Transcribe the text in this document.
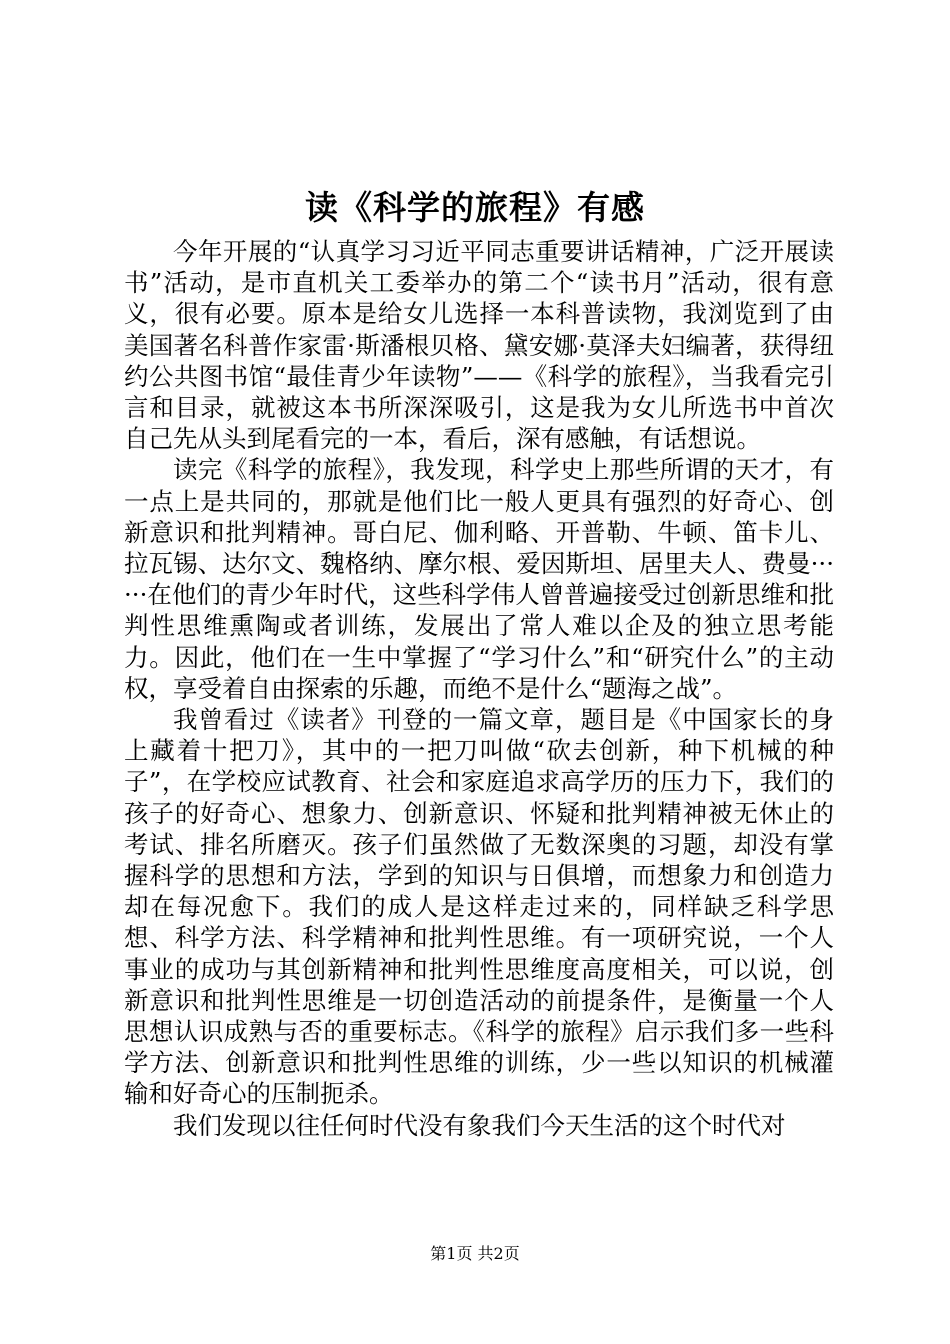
读《科学的旅程》有感

今年开展的“认真学习习近平同志重要讲话精神，广泛开展读书”活动，是市直机关工委举办的第二个“读书月”活动，很有意义，很有必要。原本是给女儿选择一本科普读物，我浏览到了由美国著名科普作家雷·斯潘根贝格、黛安娜·莫泽夫妇编著，获得纽约公共图书馆“最佳青少年读物”——《科学的旅程》，当我看完引言和目录，就被这本书所深深吸引，这是我为女儿所选书中首次自己先从头到尾看完的一本，看后，深有感触，有话想说。

读完《科学的旅程》，我发现，科学史上那些所谓的天才，有一点上是共同的，那就是他们比一般人更具有强烈的好奇心、创新意识和批判精神。哥白尼、伽利略、开普勒、牛顿、笛卡儿、拉瓦锡、达尔文、魏格纳、摩尔根、爱因斯坦、居里夫人、费曼······在他们的青少年时代，这些科学伟人曾普遍接受过创新思维和批判性思维熏陶或者训练，发展出了常人难以企及的独立思考能力。因此，他们在一生中掌握了“学习什么”和“研究什么”的主动权，享受着自由探索的乐趣，而绝不是什么“题海之战”。

我曾看过《读者》刊登的一篇文章，题目是《中国家长的身上藏着十把刀》，其中的一把刀叫做“砍去创新，种下机械的种子”，在学校应试教育、社会和家庭追求高学历的压力下，我们的孩子的好奇心、想象力、创新意识、怀疑和批判精神被无休止的考试、排名所磨灭。孩子们虽然做了无数深奥的习题，却没有掌握科学的思想和方法，学到的知识与日俱增，而想象力和创造力却在每况愈下。我们的成人是这样走过来的，同样缺乏科学思想、科学方法、科学精神和批判性思维。有一项研究说，一个人事业的成功与其创新精神和批判性思维度高度相关，可以说，创新意识和批判性思维是一切创造活动的前提条件，是衡量一个人思想认识成熟与否的重要标志。《科学的旅程》启示我们多一些科学方法、创新意识和批判性思维的训练，少一些以知识的机械灌输和好奇心的压制扼杀。

我们发现以往任何时代没有象我们今天生活的这个时代对

第1页 共2页
